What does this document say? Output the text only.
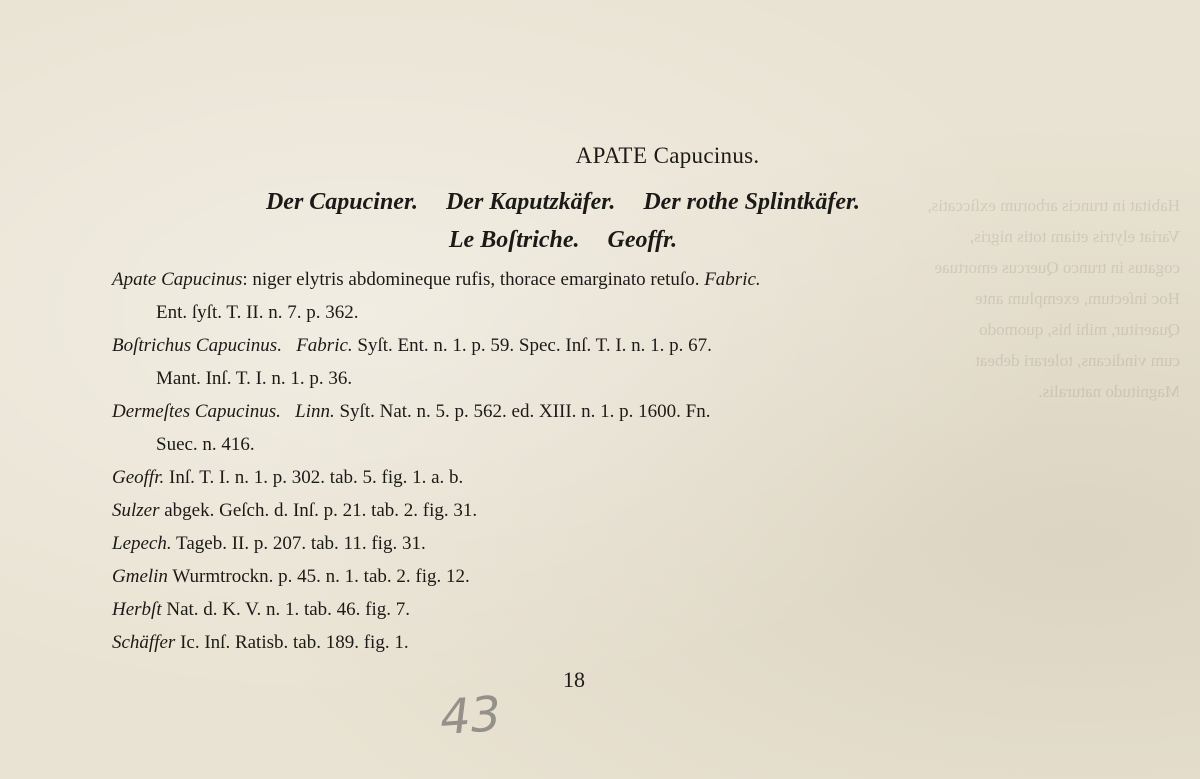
Habitat in truncis arborum exſiccatis,
Variat elytris etiam totis nigris,
cogatus in trunco Quercus emortuae
Hoc inſectum, exemplum ante
Quaeritur, mihi his, quomodo
cum vindicans, tolerari debeat
Magnitudo naturalis.
APATE Capucinus.
Der Capuciner. Der Kaputzkäfer. Der rothe Splintkäfer.
Le Boſtriche. Geoffr.
Apate Capucinus: niger elytris abdomineque rufis, thorace emarginato retuſo. Fabric.
Ent. ſyſt. T. II. n. 7. p. 362.
Boſtrichus Capucinus. Fabric. Syſt. Ent. n. 1. p. 59. Spec. Inſ. T. I. n. 1. p. 67.
Mant. Inſ. T. I. n. 1. p. 36.
Dermeſtes Capucinus. Linn. Syſt. Nat. n. 5. p. 562. ed. XIII. n. 1. p. 1600. Fn.
Suec. n. 416.
Geoffr. Inſ. T. I. n. 1. p. 302. tab. 5. fig. 1. a. b.
Sulzer abgek. Geſch. d. Inſ. p. 21. tab. 2. fig. 31.
Lepech. Tageb. II. p. 207. tab. 11. fig. 31.
Gmelin Wurmtrockn. p. 45. n. 1. tab. 2. fig. 12.
Herbſt Nat. d. K. V. n. 1. tab. 46. fig. 7.
Schäffer Ic. Inſ. Ratisb. tab. 189. fig. 1.
18
43
